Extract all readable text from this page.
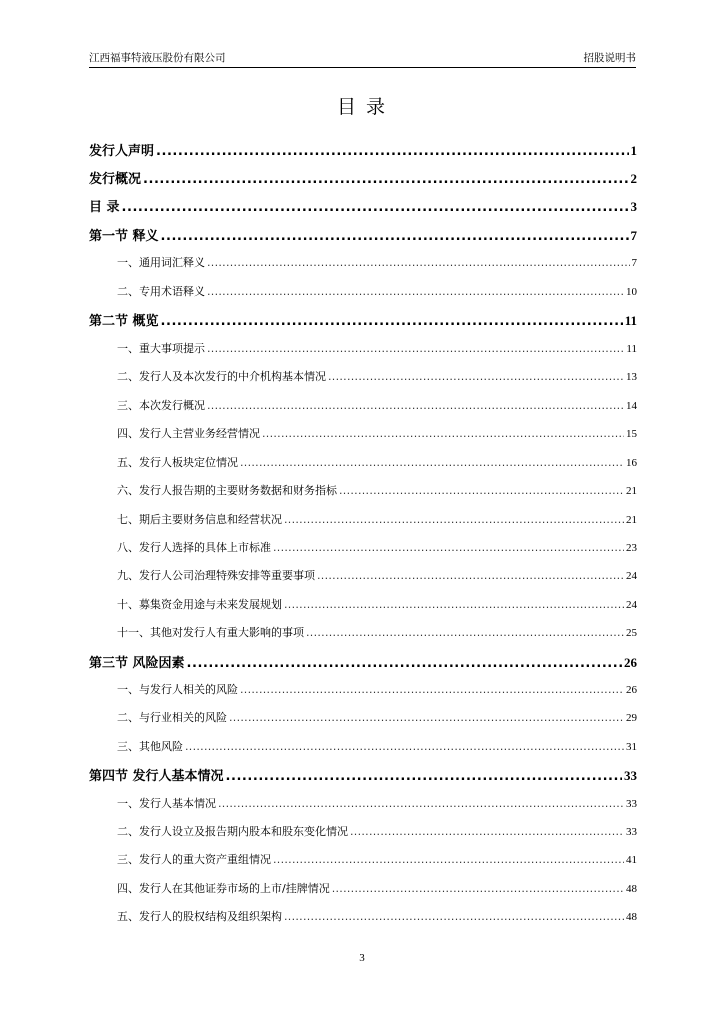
江西福事特液压股份有限公司	招股说明书
目 录
发行人声明 . . .	1
发行概况 . . .	2
目 录 . . .	3
第一节 释义 . . .	7
一、通用词汇释义 . . .	7
二、专用术语释义 . . .	10
第二节 概览 . . .	11
一、重大事项提示 . . .	11
二、发行人及本次发行的中介机构基本情况 . . .	13
三、本次发行概况 . . .	14
四、发行人主营业务经营情况 . . .	15
五、发行人板块定位情况 . . .	16
六、发行人报告期的主要财务数据和财务指标 . . .	21
七、期后主要财务信息和经营状况 . . .	21
八、发行人选择的具体上市标准 . . .	23
九、发行人公司治理特殊安排等重要事项 . . .	24
十、募集资金用途与未来发展规划 . . .	24
十一、其他对发行人有重大影响的事项 . . .	25
第三节 风险因素 . . .	26
一、与发行人相关的风险 . . .	26
二、与行业相关的风险 . . .	29
三、其他风险 . . .	31
第四节 发行人基本情况 . . .	33
一、发行人基本情况 . . .	33
二、发行人设立及报告期内股本和股东变化情况 . . .	33
三、发行人的重大资产重组情况 . . .	41
四、发行人在其他证券市场的上市/挂牌情况 . . .	48
五、发行人的股权结构及组织架构 . . .	48
3
